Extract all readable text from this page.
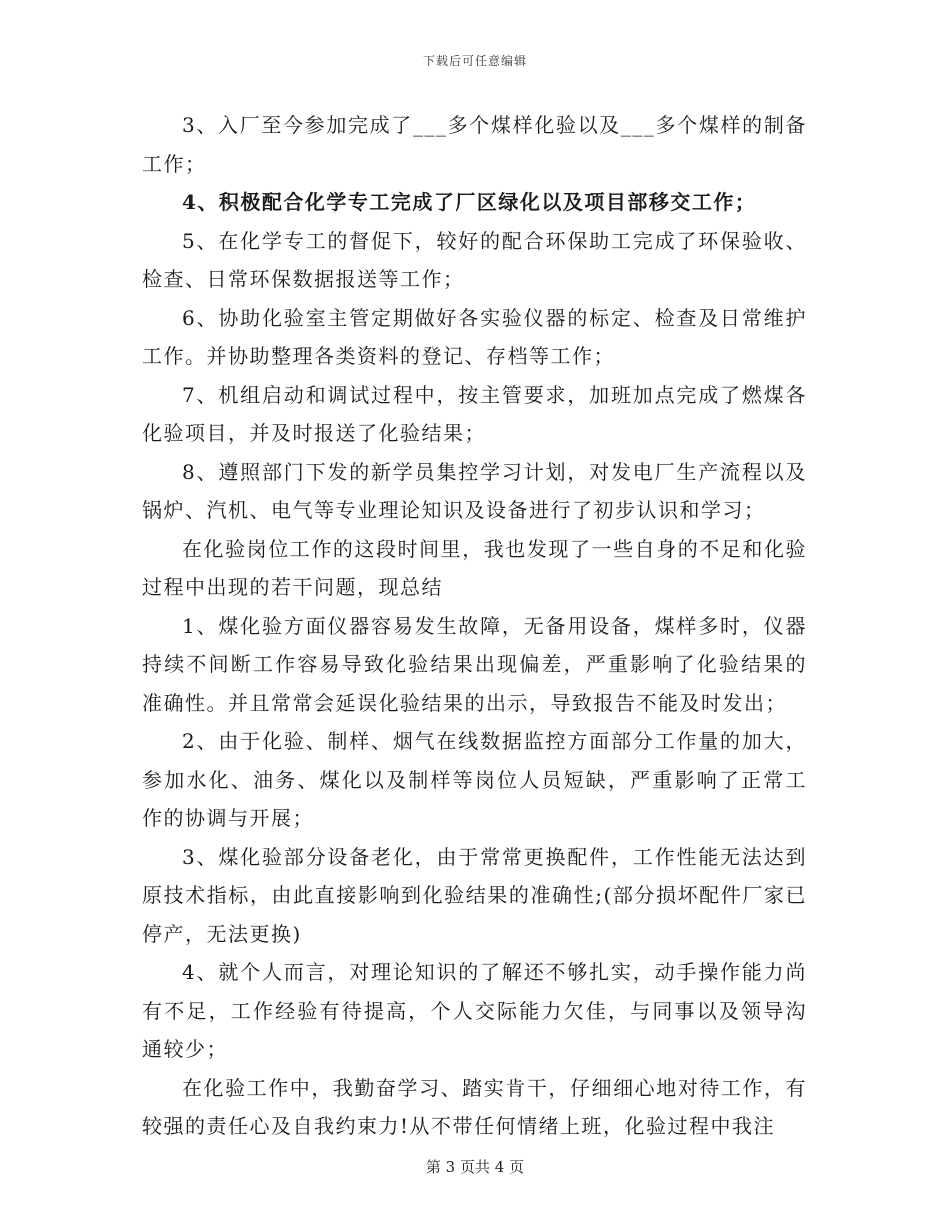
下载后可任意编辑

3、入厂至今参加完成了___多个煤样化验以及___多个煤样的制备工作；

4、积极配合化学专工完成了厂区绿化以及项目部移交工作；

5、在化学专工的督促下，较好的配合环保助工完成了环保验收、检查、日常环保数据报送等工作；

6、协助化验室主管定期做好各实验仪器的标定、检查及日常维护工作。并协助整理各类资料的登记、存档等工作；

7、机组启动和调试过程中，按主管要求，加班加点完成了燃煤各化验项目，并及时报送了化验结果；

8、遵照部门下发的新学员集控学习计划，对发电厂生产流程以及锅炉、汽机、电气等专业理论知识及设备进行了初步认识和学习；

在化验岗位工作的这段时间里，我也发现了一些自身的不足和化验过程中出现的若干问题，现总结

1、煤化验方面仪器容易发生故障，无备用设备，煤样多时，仪器持续不间断工作容易导致化验结果出现偏差，严重影响了化验结果的准确性。并且常常会延误化验结果的出示，导致报告不能及时发出；

2、由于化验、制样、烟气在线数据监控方面部分工作量的加大，参加水化、油务、煤化以及制样等岗位人员短缺，严重影响了正常工作的协调与开展；

3、煤化验部分设备老化，由于常常更换配件，工作性能无法达到原技术指标，由此直接影响到化验结果的准确性;(部分损坏配件厂家已停产，无法更换)

4、就个人而言，对理论知识的了解还不够扎实，动手操作能力尚有不足，工作经验有待提高，个人交际能力欠佳，与同事以及领导沟通较少；

在化验工作中，我勤奋学习、踏实肯干，仔细细心地对待工作，有较强的责任心及自我约束力!从不带任何情绪上班，化验过程中我注

第 3 页共 4 页
